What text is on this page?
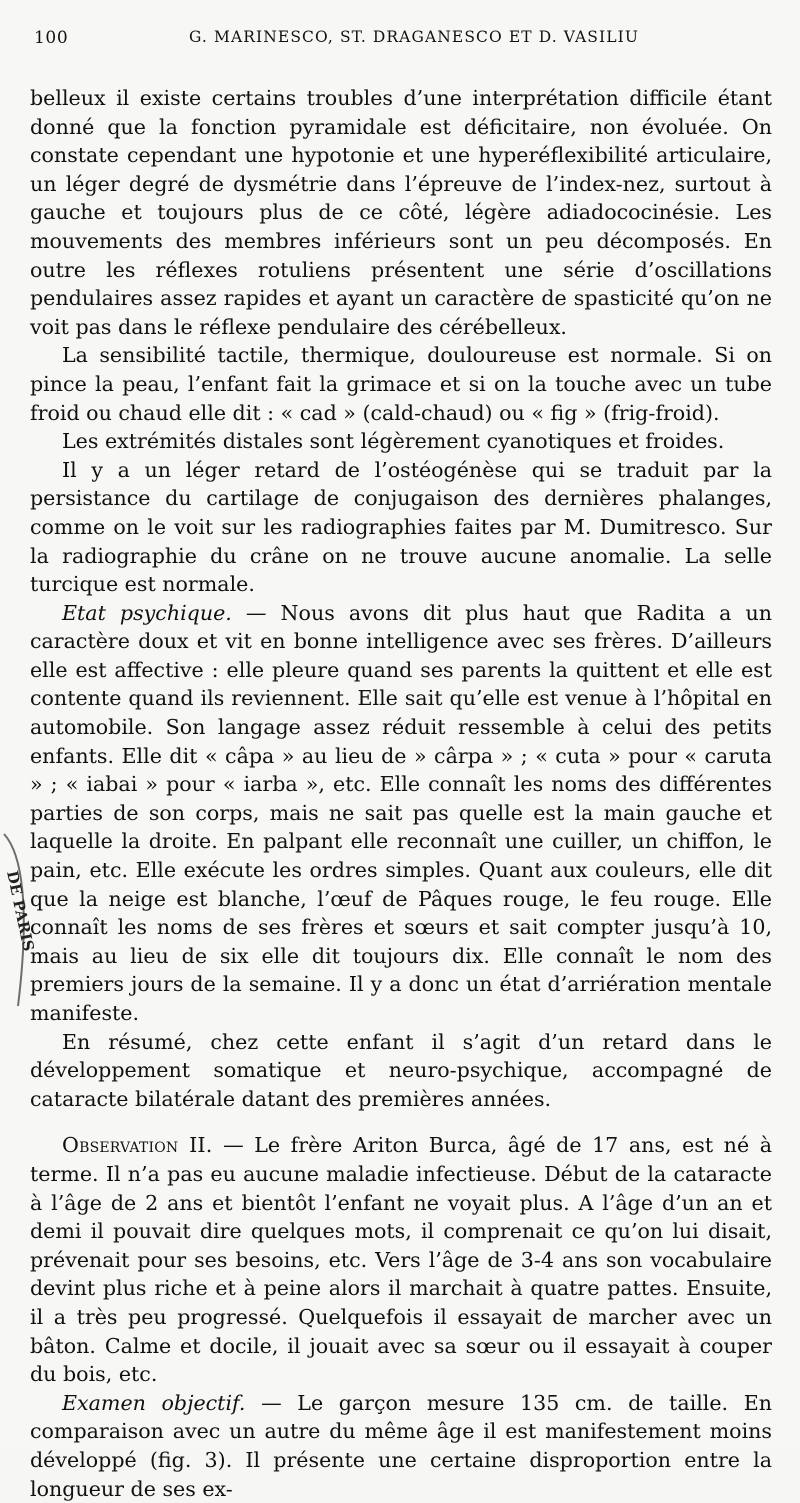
100	G. MARINESCO, ST. DRAGANESCO ET D. VASILIU
DE PARIS

belleux il existe certains troubles d’une interprétation difficile étant donné que la fonction pyramidale est déficitaire, non évoluée. On constate cependant une hypotonie et une hyperéflexibilité articulaire, un léger degré de dysmétrie dans l’épreuve de l’index-nez, surtout à gauche et toujours plus de ce côté, légère adiadococinésie. Les mouvements des membres inférieurs sont un peu décomposés. En outre les réflexes rotuliens présentent une série d’oscillations pendulaires assez rapides et ayant un caractère de spasticité qu’on ne voit pas dans le réflexe pendulaire des cérébelleux.

La sensibilité tactile, thermique, douloureuse est normale. Si on pince la peau, l’enfant fait la grimace et si on la touche avec un tube froid ou chaud elle dit : « cad » (cald-chaud) ou « fig » (frig-froid).

Les extrémités distales sont légèrement cyanotiques et froides.

Il y a un léger retard de l’ostéogénèse qui se traduit par la persistance du cartilage de conjugaison des dernières phalanges, comme on le voit sur les radiographies faites par M. Dumitresco. Sur la radiographie du crâne on ne trouve aucune anomalie. La selle turcique est normale.

Etat psychique. — Nous avons dit plus haut que Radita a un caractère doux et vit en bonne intelligence avec ses frères. D’ailleurs elle est affective : elle pleure quand ses parents la quittent et elle est contente quand ils reviennent. Elle sait qu’elle est venue à l’hôpital en automobile. Son langage assez réduit ressemble à celui des petits enfants. Elle dit « câpa » au lieu de » cârpa » ; « cuta » pour « caruta » ; « iabai » pour « iarba », etc. Elle connaît les noms des différentes parties de son corps, mais ne sait pas quelle est la main gauche et laquelle la droite. En palpant elle reconnaît une cuiller, un chiffon, le pain, etc. Elle exécute les ordres simples. Quant aux couleurs, elle dit que la neige est blanche, l’œuf de Pâques rouge, le feu rouge. Elle connaît les noms de ses frères et sœurs et sait compter jusqu’à 10, mais au lieu de six elle dit toujours dix. Elle connaît le nom des premiers jours de la semaine. Il y a donc un état d’arriération mentale manifeste.

En résumé, chez cette enfant il s’agit d’un retard dans le développement somatique et neuro-psychique, accompagné de cataracte bilatérale datant des premières années.

Observation II. — Le frère Ariton Burca, âgé de 17 ans, est né à terme. Il n’a pas eu aucune maladie infectieuse. Début de la cataracte à l’âge de 2 ans et bientôt l’enfant ne voyait plus. A l’âge d’un an et demi il pouvait dire quelques mots, il comprenait ce qu’on lui disait, prévenait pour ses besoins, etc. Vers l’âge de 3-4 ans son vocabulaire devint plus riche et à peine alors il marchait à quatre pattes. Ensuite, il a très peu progressé. Quelquefois il essayait de marcher avec un bâton. Calme et docile, il jouait avec sa sœur ou il essayait à couper du bois, etc.

Examen objectif. — Le garçon mesure 135 cm. de taille. En comparaison avec un autre du même âge il est manifestement moins développé (fig. 3). Il présente une certaine disproportion entre la longueur de ses ex-
